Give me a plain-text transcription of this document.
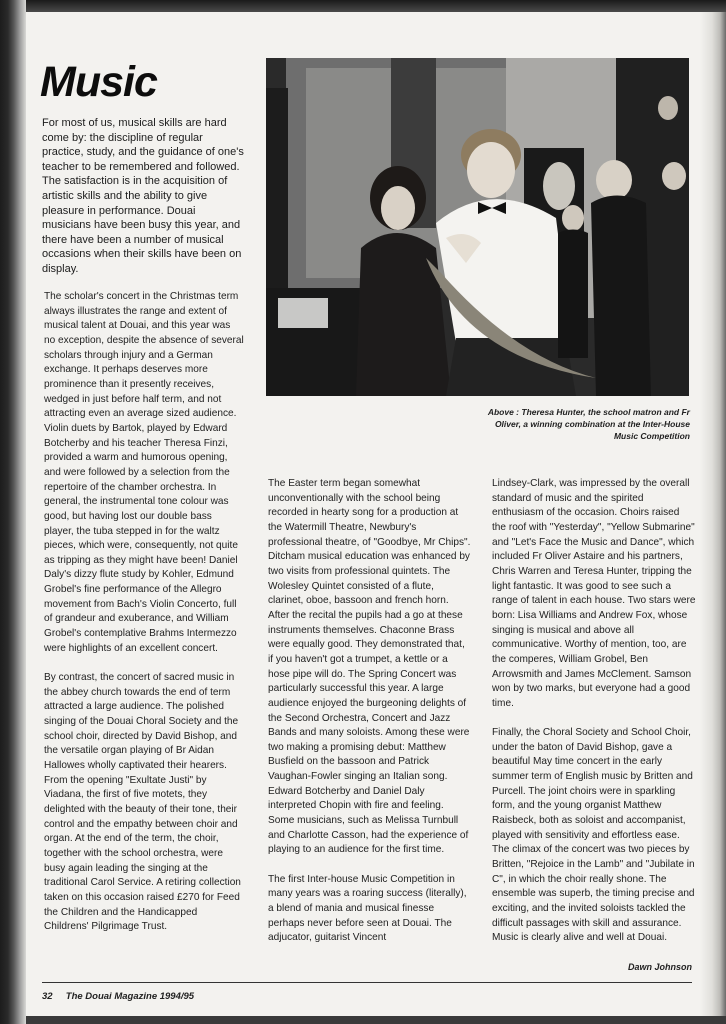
Music
For most of us, musical skills are hard come by: the discipline of regular practice, study, and the guidance of one's teacher to be remembered and followed. The satisfaction is in the acquisition of artistic skills and the ability to give pleasure in performance. Douai musicians have been busy this year, and there have been a number of musical occasions when their skills have been on display.

The scholar's concert in the Christmas term always illustrates the range and extent of musical talent at Douai, and this year was no exception, despite the absence of several scholars through injury and a German exchange. It perhaps deserves more prominence than it presently receives, wedged in just before half term, and not attracting even an average sized audience. Violin duets by Bartok, played by Edward Botcherby and his teacher Theresa Finzi, provided a warm and humorous opening, and were followed by a selection from the repertoire of the chamber orchestra. In general, the instrumental tone colour was good, but having lost our double bass player, the tuba stepped in for the waltz pieces, which were, consequently, not quite as tripping as they might have been! Daniel Daly's dizzy flute study by Kohler, Edmund Grobel's fine performance of the Allegro movement from Bach's Violin Concerto, full of grandeur and exuberance, and William Grobel's contemplative Brahms Intermezzo were highlights of an excellent concert.

By contrast, the concert of sacred music in the abbey church towards the end of term attracted a large audience. The polished singing of the Douai Choral Society and the school choir, directed by David Bishop, and the versatile organ playing of Br Aidan Hallowes wholly captivated their hearers. From the opening "Exultate Justi" by Viadana, the first of five motets, they delighted with the beauty of their tone, their control and the empathy between choir and organ. At the end of the term, the choir, together with the school orchestra, were busy again leading the singing at the traditional Carol Service. A retiring collection taken on this occasion raised £270 for Feed the Children and the Handicapped Childrens' Pilgrimage Trust.

Above : Theresa Hunter, the school matron and Fr Oliver, a winning combination at the Inter-House Music Competition

The Easter term began somewhat unconventionally with the school being recorded in hearty song for a production at the Watermill Theatre, Newbury's professional theatre, of "Goodbye, Mr Chips". Ditcham musical education was enhanced by two visits from professional quintets. The Wolesley Quintet consisted of a flute, clarinet, oboe, bassoon and french horn. After the recital the pupils had a go at these instruments themselves. Chaconne Brass were equally good. They demonstrated that, if you haven't got a trumpet, a kettle or a hose pipe will do. The Spring Concert was particularly successful this year. A large audience enjoyed the burgeoning delights of the Second Orchestra, Concert and Jazz Bands and many soloists. Among these were two making a promising debut: Matthew Busfield on the bassoon and Patrick Vaughan-Fowler singing an Italian song. Edward Botcherby and Daniel Daly interpreted Chopin with fire and feeling. Some musicians, such as Melissa Turnbull and Charlotte Casson, had the experience of playing to an audience for the first time.

The first Inter-house Music Competition in many years was a roaring success (literally), a blend of mania and musical finesse perhaps never before seen at Douai. The adjucator, guitarist Vincent

Lindsey-Clark, was impressed by the overall standard of music and the spirited enthusiasm of the occasion. Choirs raised the roof with "Yesterday", "Yellow Submarine" and "Let's Face the Music and Dance", which included Fr Oliver Astaire and his partners, Chris Warren and Teresa Hunter, tripping the light fantastic. It was good to see such a range of talent in each house. Two stars were born: Lisa Williams and Andrew Fox, whose singing is musical and above all communicative. Worthy of mention, too, are the comperes, William Grobel, Ben Arrowsmith and James McClement. Samson won by two marks, but everyone had a good time.

Finally, the Choral Society and School Choir, under the baton of David Bishop, gave a beautiful May time concert in the early summer term of English music by Britten and Purcell. The joint choirs were in sparkling form, and the young organist Matthew Raisbeck, both as soloist and accompanist, played with sensitivity and effortless ease. The climax of the concert was two pieces by Britten, "Rejoice in the Lamb" and "Jubilate in C", in which the choir really shone. The ensemble was superb, the timing precise and exciting, and the invited soloists tackled the difficult passages with skill and assurance. Music is clearly alive and well at Douai.

Dawn Johnson
32 The Douai Magazine 1994/95
